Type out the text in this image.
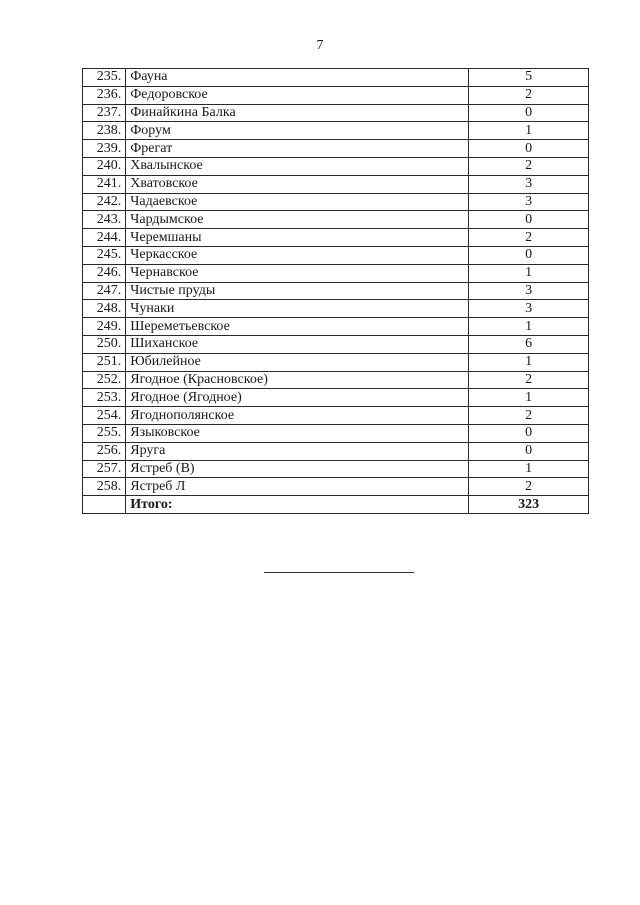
7
235.	Фауна	5
236.	Федоровское	2
237.	Финайкина Балка	0
238.	Форум	1
239.	Фрегат	0
240.	Хвалынское	2
241.	Хватовское	3
242.	Чадаевское	3
243.	Чардымское	0
244.	Черемшаны	2
245.	Черкасское	0
246.	Чернавское	1
247.	Чистые пруды	3
248.	Чунаки	3
249.	Шереметьевское	1
250.	Шиханское	6
251.	Юбилейное	1
252.	Ягодное (Красновское)	2
253.	Ягодное (Ягодное)	1
254.	Ягоднополянское	2
255.	Языковское	0
256.	Яруга	0
257.	Ястреб (В)	1
258.	Ястреб Л	2
	Итого:	323
